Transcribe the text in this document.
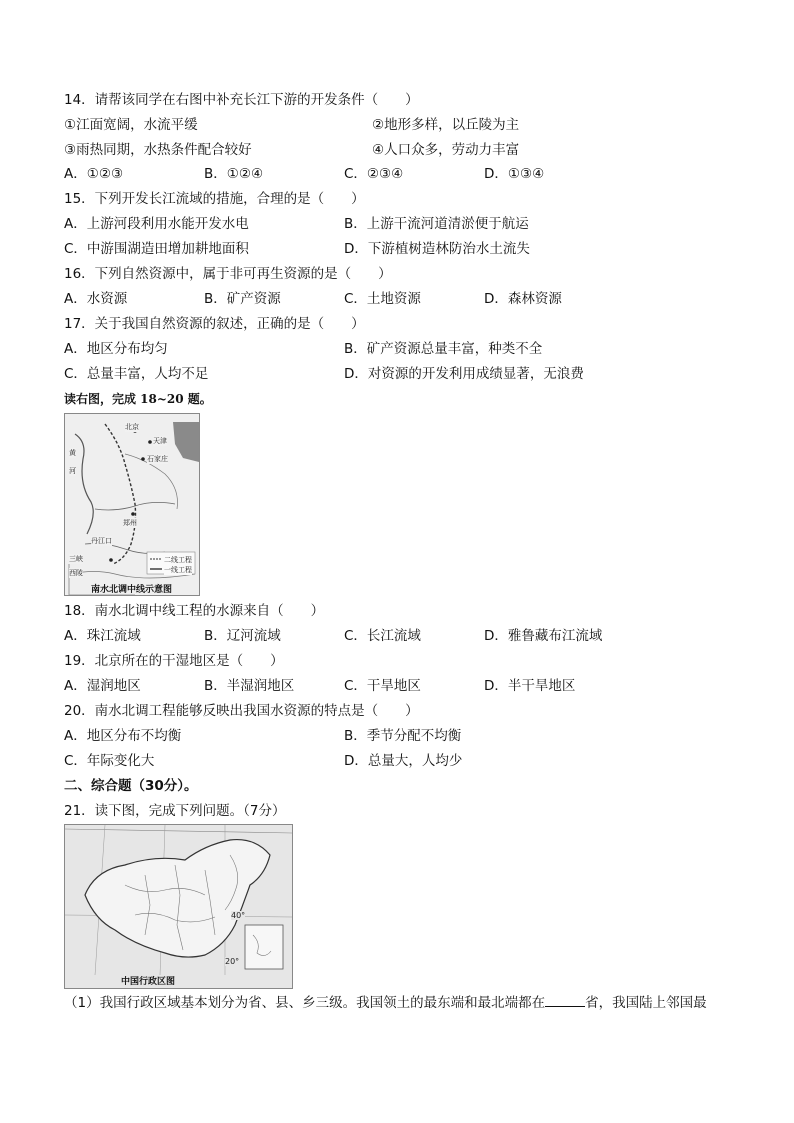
14．请帮该同学在右图中补充长江下游的开发条件（　　）
①江面宽阔，水流平缓	②地形多样，以丘陵为主
③雨热同期，水热条件配合较好	④人口众多，劳动力丰富
A．①②③	B．①②④	C．②③④	D．①③④
15．下列开发长江流域的措施，合理的是（　　）
A．上游河段利用水能开发水电	B．上游干流河道清淤便于航运
C．中游围湖造田增加耕地面积	D．下游植树造林防治水土流失
16．下列自然资源中，属于非可再生资源的是（　　）
A．水资源	B．矿产资源	C．土地资源	D．森林资源
17．关于我国自然资源的叙述，正确的是（　　）
A．地区分布均匀	B．矿产资源总量丰富，种类不全
C．总量丰富，人均不足	D．对资源的开发利用成绩显著，无浪费
读右图，完成 18~20 题。
北京
天津
石家庄
黄
河
郑州
丹江口
三峡
西陵
二线工程
一线工程
南水北调中线示意图
18．南水北调中线工程的水源来自（　　）
A．珠江流域	B．辽河流域	C．长江流域	D．雅鲁藏布江流域
19．北京所在的干湿地区是（　　）
A．湿润地区	B．半湿润地区	C．干旱地区	D．半干旱地区
20．南水北调工程能够反映出我国水资源的特点是（　　）
A．地区分布不均衡	B．季节分配不均衡
C．年际变化大	D．总量大，人均少
二、综合题（30分）。
21．读下图，完成下列问题。（7分）
40°
20°
中国行政区图
（1）我国行政区域基本划分为省、县、乡三级。我国领土的最东端和最北端都在	省，我国陆上邻国最
